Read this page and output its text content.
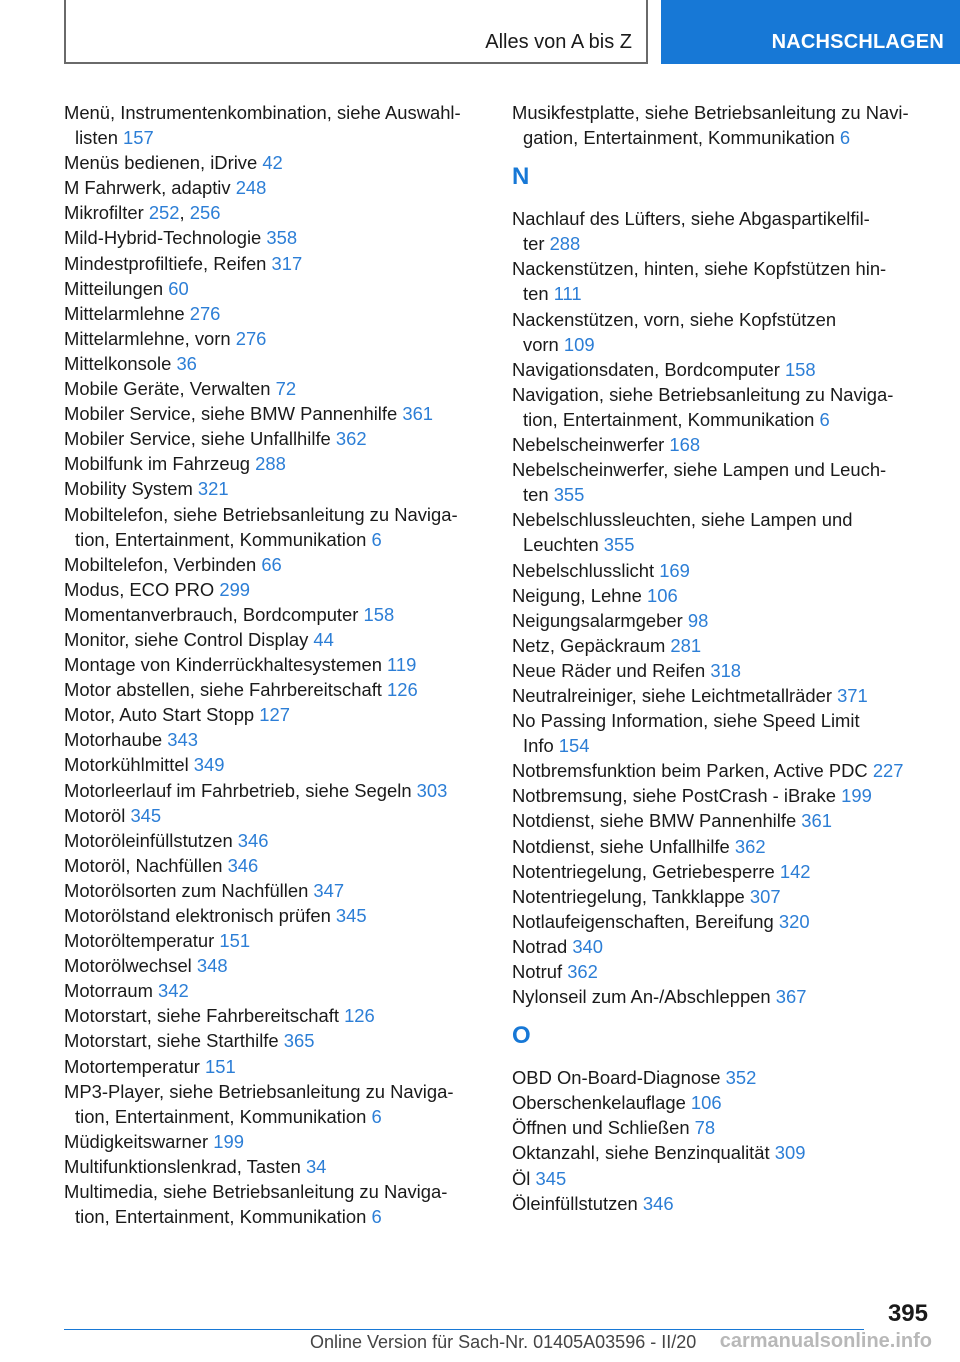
Alles von A bis Z	NACHSCHLAGEN
Menü, Instrumentenkombination, siehe Auswahl-
listen 157
Menüs bedienen, iDrive 42
M Fahrwerk, adaptiv 248
Mikrofilter 252, 256
Mild-Hybrid-Technologie 358
Mindestprofiltiefe, Reifen 317
Mitteilungen 60
Mittelarmlehne 276
Mittelarmlehne, vorn 276
Mittelkonsole 36
Mobile Geräte, Verwalten 72
Mobiler Service, siehe BMW Pannenhilfe 361
Mobiler Service, siehe Unfallhilfe 362
Mobilfunk im Fahrzeug 288
Mobility System 321
Mobiltelefon, siehe Betriebsanleitung zu Naviga-
tion, Entertainment, Kommunikation 6
Mobiltelefon, Verbinden 66
Modus, ECO PRO 299
Momentanverbrauch, Bordcomputer 158
Monitor, siehe Control Display 44
Montage von Kinderrückhaltesystemen 119
Motor abstellen, siehe Fahrbereitschaft 126
Motor, Auto Start Stopp 127
Motorhaube 343
Motorkühlmittel 349
Motorleerlauf im Fahrbetrieb, siehe Segeln 303
Motoröl 345
Motoröleinfüllstutzen 346
Motoröl, Nachfüllen 346
Motorölsorten zum Nachfüllen 347
Motorölstand elektronisch prüfen 345
Motoröltemperatur 151
Motorölwechsel 348
Motorraum 342
Motorstart, siehe Fahrbereitschaft 126
Motorstart, siehe Starthilfe 365
Motortemperatur 151
MP3-Player, siehe Betriebsanleitung zu Naviga-
tion, Entertainment, Kommunikation 6
Müdigkeitswarner 199
Multifunktionslenkrad, Tasten 34
Multimedia, siehe Betriebsanleitung zu Naviga-
tion, Entertainment, Kommunikation 6
Musikfestplatte, siehe Betriebsanleitung zu Navi-
gation, Entertainment, Kommunikation 6
N
Nachlauf des Lüfters, siehe Abgaspartikelfil-
ter 288
Nackenstützen, hinten, siehe Kopfstützen hin-
ten 111
Nackenstützen, vorn, siehe Kopfstützen
vorn 109
Navigationsdaten, Bordcomputer 158
Navigation, siehe Betriebsanleitung zu Naviga-
tion, Entertainment, Kommunikation 6
Nebelscheinwerfer 168
Nebelscheinwerfer, siehe Lampen und Leuch-
ten 355
Nebelschlussleuchten, siehe Lampen und
Leuchten 355
Nebelschlusslicht 169
Neigung, Lehne 106
Neigungsalarmgeber 98
Netz, Gepäckraum 281
Neue Räder und Reifen 318
Neutralreiniger, siehe Leichtmetallräder 371
No Passing Information, siehe Speed Limit
Info 154
Notbremsfunktion beim Parken, Active PDC 227
Notbremsung, siehe PostCrash - iBrake 199
Notdienst, siehe BMW Pannenhilfe 361
Notdienst, siehe Unfallhilfe 362
Notentriegelung, Getriebesperre 142
Notentriegelung, Tankklappe 307
Notlaufeigenschaften, Bereifung 320
Notrad 340
Notruf 362
Nylonseil zum An-/Abschleppen 367
O
OBD On-Board-Diagnose 352
Oberschenkelauflage 106
Öffnen und Schließen 78
Oktanzahl, siehe Benzinqualität 309
Öl 345
Öleinfüllstutzen 346
395
Online Version für Sach-Nr. 01405A03596 - II/20 carmanualsonline.info
